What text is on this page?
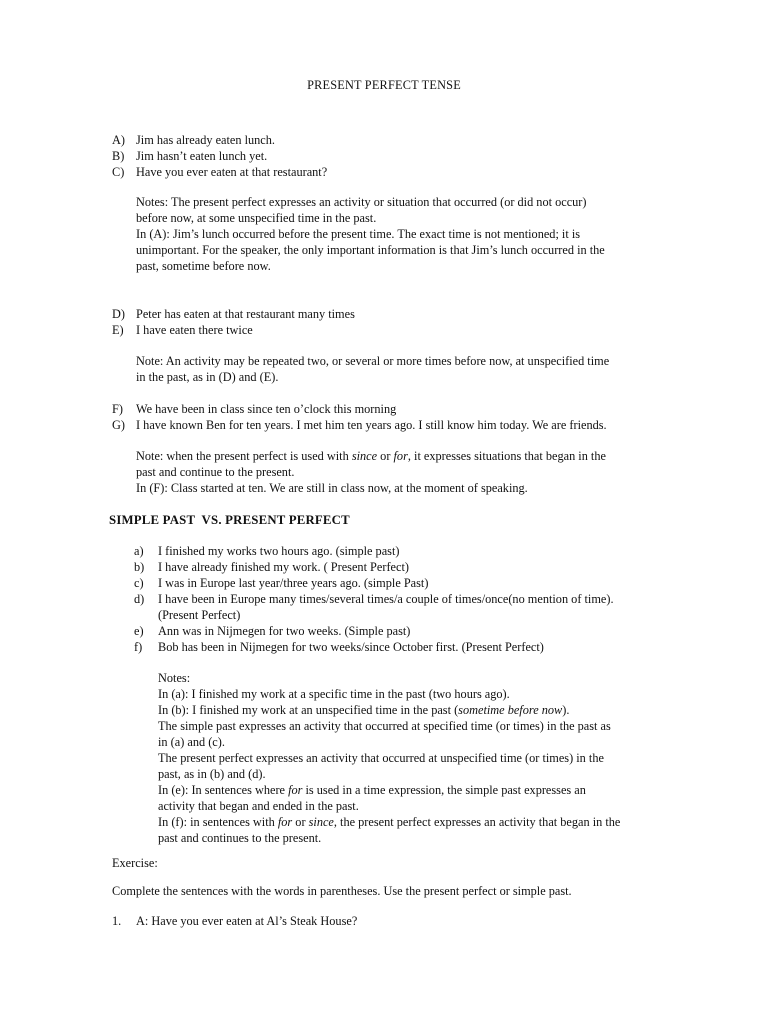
PRESENT PERFECT TENSE
A) Jim has already eaten lunch.
B) Jim hasn’t eaten lunch yet.
C) Have you ever eaten at that restaurant?

Notes: The present perfect expresses an activity or situation that occurred (or did not occur)

before now, at some unspecified time in the past.

In (A): Jim’s lunch occurred before the present time. The exact time is not mentioned; it is

unimportant. For the speaker, the only important information is that Jim’s lunch occurred in the

past, sometime before now.

D) Peter has eaten at that restaurant many times
E) I have eaten there twice

Note: An activity may be repeated two, or several or more times before now, at unspecified time

in the past, as in (D) and (E).

F) We have been in class since ten o’clock this morning
G) I have known Ben for ten years. I met him ten years ago. I still know him today. We are friends.

Note: when the present perfect is used with since or for, it expresses situations that began in the

past and continue to the present.

In (F): Class started at ten. We are still in class now, at the moment of speaking.

SIMPLE PAST  VS. PRESENT PERFECT
a) I finished my works two hours ago. (simple past)
b) I have already finished my work. ( Present Perfect)
c) I was in Europe last year/three years ago. (simple Past)
d) I have been in Europe many times/several times/a couple of times/once(no mention of time).
(Present Perfect)
e) Ann was in Nijmegen for two weeks. (Simple past)
f) Bob has been in Nijmegen for two weeks/since October first. (Present Perfect)

Notes:

In (a): I finished my work at a specific time in the past (two hours ago).

In (b): I finished my work at an unspecified time in the past (sometime before now).

The simple past expresses an activity that occurred at specified time (or times) in the past as

in (a) and (c).

The present perfect expresses an activity that occurred at unspecified time (or times) in the

past, as in (b) and (d).

In (e): In sentences where for is used in a time expression, the simple past expresses an

activity that began and ended in the past.

In (f): in sentences with for or since, the present perfect expresses an activity that began in the

past and continues to the present.

Exercise:
Complete the sentences with the words in parentheses. Use the present perfect or simple past.
1. A: Have you ever eaten at Al’s Steak House?
